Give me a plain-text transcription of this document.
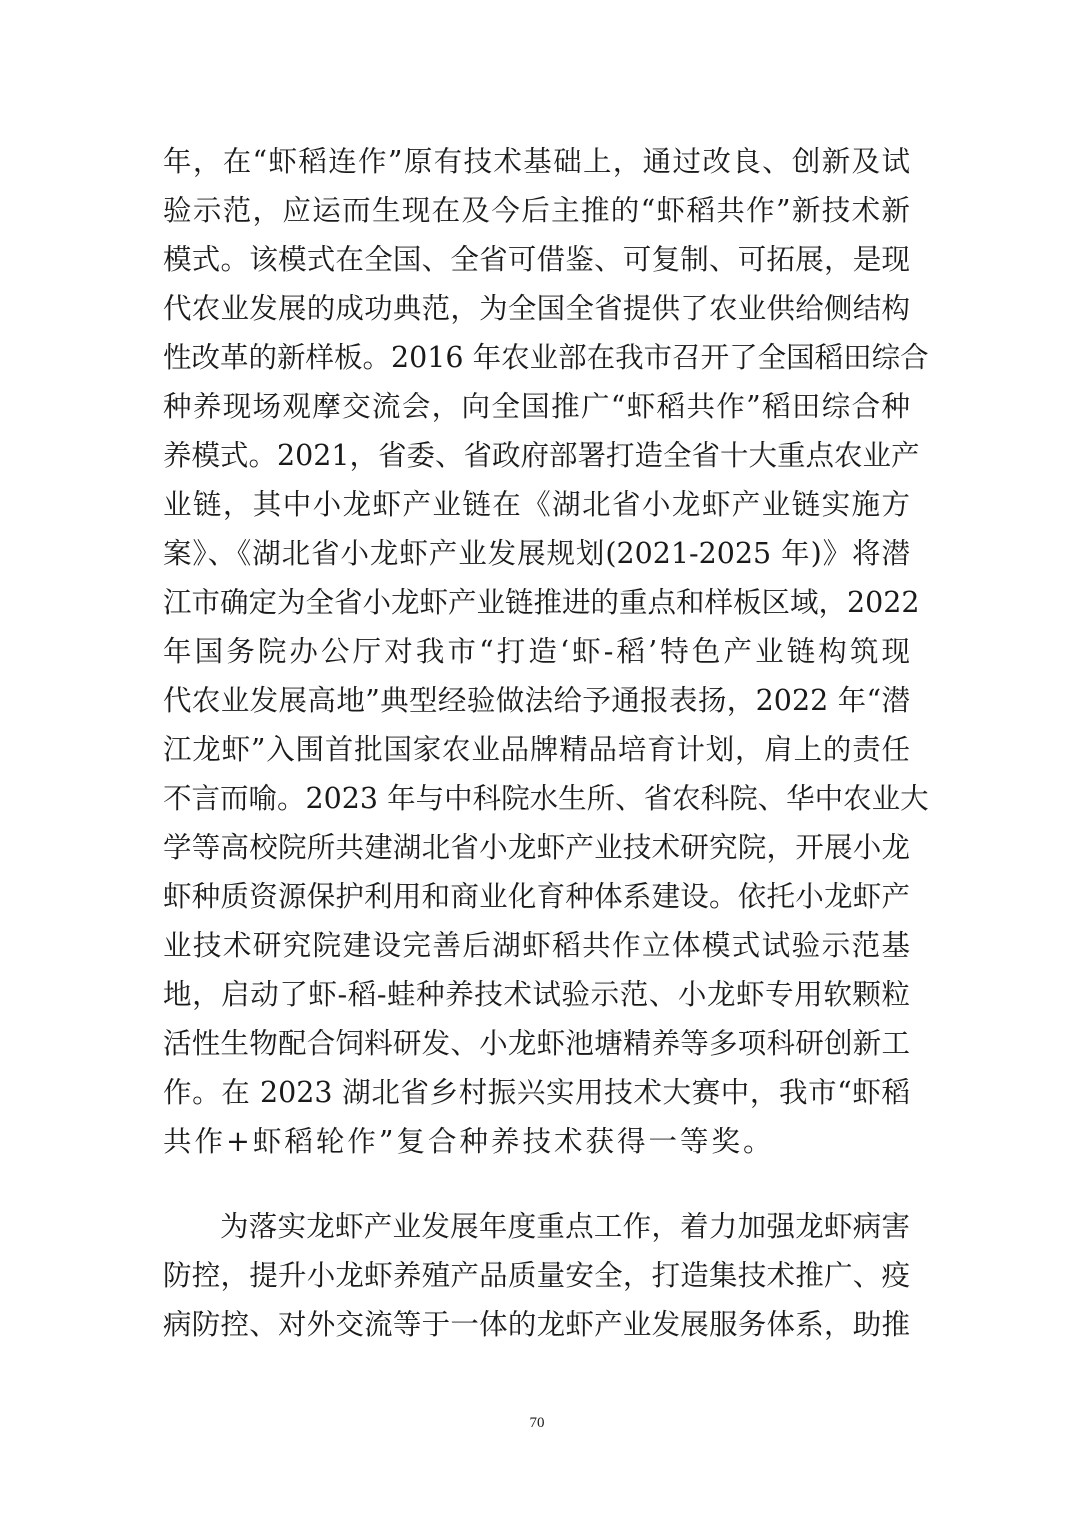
年，在“虾稻连作”原有技术基础上，通过改良、创新及试
验示范，应运而生现在及今后主推的“虾稻共作”新技术新
模式。该模式在全国、全省可借鉴、可复制、可拓展，是现
代农业发展的成功典范，为全国全省提供了农业供给侧结构
性改革的新样板。2016 年农业部在我市召开了全国稻田综合
种养现场观摩交流会，向全国推广“虾稻共作”稻田综合种
养模式。2021，省委、省政府部署打造全省十大重点农业产
业链，其中小龙虾产业链在《湖北省小龙虾产业链实施方
案》、《湖北省小龙虾产业发展规划(2021-2025 年)》将潜
江市确定为全省小龙虾产业链推进的重点和样板区域，2022
年国务院办公厅对我市“打造‘虾-稻’特色产业链构筑现
代农业发展高地”典型经验做法给予通报表扬，2022 年“潜
江龙虾”入围首批国家农业品牌精品培育计划，肩上的责任
不言而喻。2023 年与中科院水生所、省农科院、华中农业大
学等高校院所共建湖北省小龙虾产业技术研究院，开展小龙
虾种质资源保护利用和商业化育种体系建设。依托小龙虾产
业技术研究院建设完善后湖虾稻共作立体模式试验示范基
地，启动了虾-稻-蛙种养技术试验示范、小龙虾专用软颗粒
活性生物配合饲料研发、小龙虾池塘精养等多项科研创新工
作。在 2023 湖北省乡村振兴实用技术大赛中，我市“虾稻
共作+虾稻轮作”复合种养技术获得一等奖。
为落实龙虾产业发展年度重点工作，着力加强龙虾病害
防控，提升小龙虾养殖产品质量安全，打造集技术推广、疫
病防控、对外交流等于一体的龙虾产业发展服务体系，助推
70
